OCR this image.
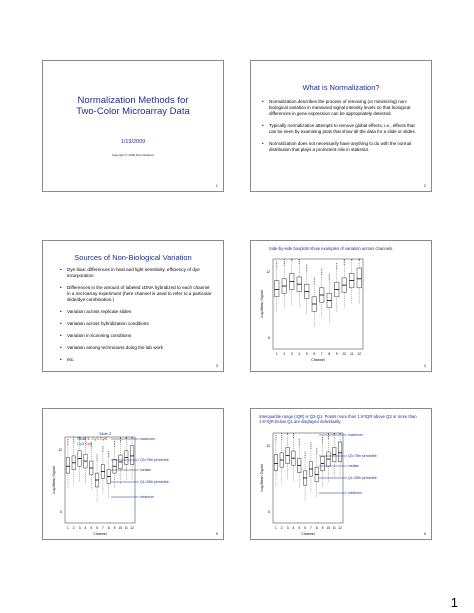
Normalization Methods for
Two-Color Microarray Data
1/13/2009
Copyright © 2009 Dan Nettleton
1
What is Normalization?
• Normalization describes the process of removing (or minimizing) non-biological variation in measured signal intensity levels so that biological differences in gene expression can be appropriately detected.
• Typically normalization attempts to remove global effects, i.e., effects that can be seen by examining plots that show all the data for a slide or slides.
• Normalization does not necessarily have anything to do with the normal distribution that plays a prominent role in statistics.
2
Sources of Non-Biological Variation
• Dye bias: differences in heat and light sensitivity, efficiency of dye incorporation
• Differences in the amount of labeled cDNA hybridized to each channel in a microarray experiment (here channel is used to refer to a particular slide/dye combination.)
• Variation across replicate slides
• Variation across hybridization conditions
• Variation in scanning conditions
• Variation among technicians doing the lab work
• etc.
3
Side-by-side boxplots show examples of variation across channels.
1 2 3 4 5 6 7 8 9 10 11 12
12
6
Channel
Log Mean Signal
4
1 2 3 4 5 6 7 8 9 10 11 12
12
6
Channel
Log Mean Signal
maximum
Q3=75th percentile
median
Q1=25th percentile
minimum
Slide 2
Slide 1: Cy3 Cy5
Cy3 Cy5
5
Interquartile range (IQR) is Q3-Q1. Points more than 1.5*IQR above Q3 or more than 1.5*IQR below Q1 are displayed individually.
1 2 3 4 5 6 7 8 9 10 11 12
12
6
Channel
Log Mean Signal
maximum
Q3=75th percentile
median
Q1=25th percentile
minimum
6
1
